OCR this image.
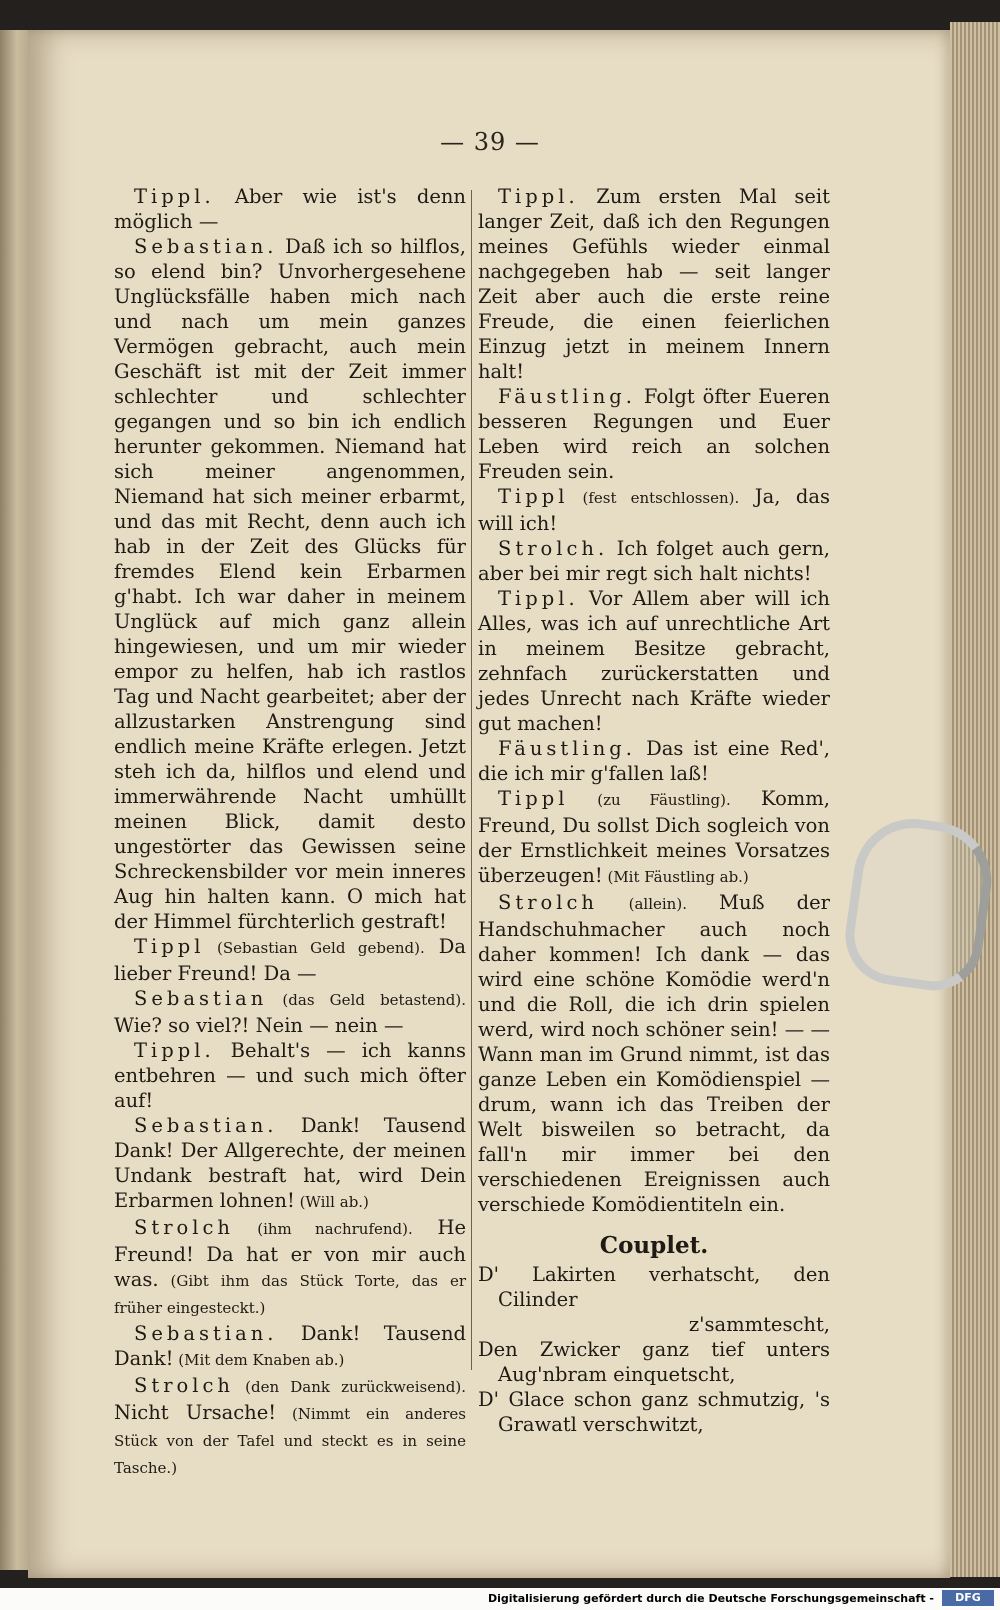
— 39 —

Tippl. Aber wie ist's denn möglich —

Sebastian. Daß ich so hilflos, so elend bin? Unvorhergesehene Unglücksfälle haben mich nach und nach um mein ganzes Vermögen gebracht, auch mein Geschäft ist mit der Zeit immer schlechter und schlechter gegangen und so bin ich endlich herunter gekommen. Niemand hat sich meiner angenommen, Niemand hat sich meiner erbarmt, und das mit Recht, denn auch ich hab in der Zeit des Glücks für fremdes Elend kein Erbarmen g'habt. Ich war daher in meinem Unglück auf mich ganz allein hingewiesen, und um mir wieder empor zu helfen, hab ich rastlos Tag und Nacht gearbeitet; aber der allzustarken Anstrengung sind endlich meine Kräfte erlegen. Jetzt steh ich da, hilflos und elend und immerwährende Nacht umhüllt meinen Blick, damit desto ungestörter das Gewissen seine Schreckensbilder vor mein inneres Aug hin halten kann. O mich hat der Himmel fürchterlich gestraft!

Tippl (Sebastian Geld gebend). Da lieber Freund! Da —

Sebastian (das Geld betastend). Wie? so viel?! Nein — nein —

Tippl. Behalt's — ich kanns entbehren — und such mich öfter auf!

Sebastian. Dank! Tausend Dank! Der Allgerechte, der meinen Undank bestraft hat, wird Dein Erbarmen lohnen! (Will ab.)

Strolch (ihm nachrufend). He Freund! Da hat er von mir auch was. (Gibt ihm das Stück Torte, das er früher eingesteckt.)

Sebastian. Dank! Tausend Dank! (Mit dem Knaben ab.)

Strolch (den Dank zurückweisend). Nicht Ursache! (Nimmt ein anderes Stück von der Tafel und steckt es in seine Tasche.)

Tippl. Zum ersten Mal seit langer Zeit, daß ich den Regungen meines Gefühls wieder einmal nachgegeben hab — seit langer Zeit aber auch die erste reine Freude, die einen feierlichen Einzug jetzt in meinem Innern halt!

Fäustling. Folgt öfter Eueren besseren Regungen und Euer Leben wird reich an solchen Freuden sein.

Tippl (fest entschlossen). Ja, das will ich!

Strolch. Ich folget auch gern, aber bei mir regt sich halt nichts!

Tippl. Vor Allem aber will ich Alles, was ich auf unrechtliche Art in meinem Besitze gebracht, zehnfach zurückerstatten und jedes Unrecht nach Kräfte wieder gut machen!

Fäustling. Das ist eine Red', die ich mir g'fallen laß!

Tippl (zu Fäustling). Komm, Freund, Du sollst Dich sogleich von der Ernstlichkeit meines Vorsatzes überzeugen! (Mit Fäustling ab.)

Strolch (allein). Muß der Handschuhmacher auch noch daher kommen! Ich dank — das wird eine schöne Komödie werd'n und die Roll, die ich drin spielen werd, wird noch schöner sein! — — Wann man im Grund nimmt, ist das ganze Leben ein Komödienspiel — drum, wann ich das Treiben der Welt bisweilen so betracht, da fall'n mir immer bei den verschiedenen Ereignissen auch verschiede Komödientiteln ein.

Couplet.

D' Lakirten verhatscht, den Cilinder

z'sammtescht,

Den Zwicker ganz tief unters Aug'nbram einquetscht,

D' Glace schon ganz schmutzig, 's Grawatl verschwitzt,

Digitalisierung gefördert durch die Deutsche Forschungsgemeinschaft -	DFG
